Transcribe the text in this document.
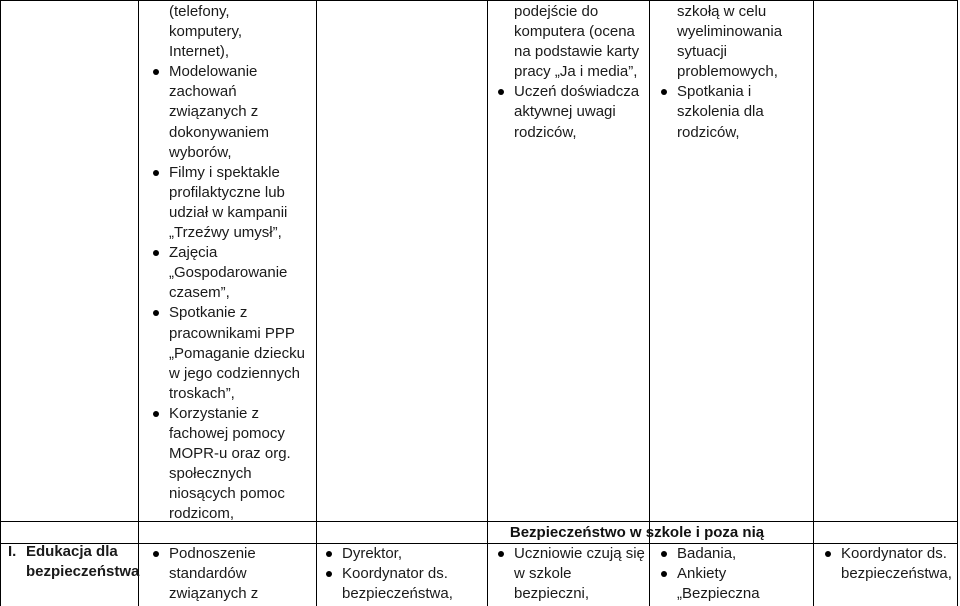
(telefony,
komputery,
Internet),
Modelowanie
zachowań
związanych z
dokonywaniem
wyborów,
Filmy i spektakle
profilaktyczne lub
udział w kampanii
„Trzeźwy umysł”,
Zajęcia
„Gospodarowanie
czasem”,
Spotkanie z
pracownikami PPP
„Pomaganie dziecku
w jego codziennych
troskach”,
Korzystanie z
fachowej pomocy
MOPR-u oraz org.
społecznych
niosących pomoc
rodzicom,
podejście do
komputera (ocena
na podstawie karty
pracy „Ja i media”,
Uczeń doświadcza
aktywnej uwagi
rodziców,
szkołą w celu
wyeliminowania
sytuacji
problemowych,
Spotkania i
szkolenia dla
rodziców,
Bezpieczeństwo w szkole i poza nią
I. Edukacja dla bezpieczeństwa
Podnoszenie
standardów
związanych z
Dyrektor,
Koordynator ds.
bezpieczeństwa,
Uczniowie czują się
w szkole
bezpieczni,
Badania,
Ankiety
„Bezpieczna
Koordynator ds.
bezpieczeństwa,
